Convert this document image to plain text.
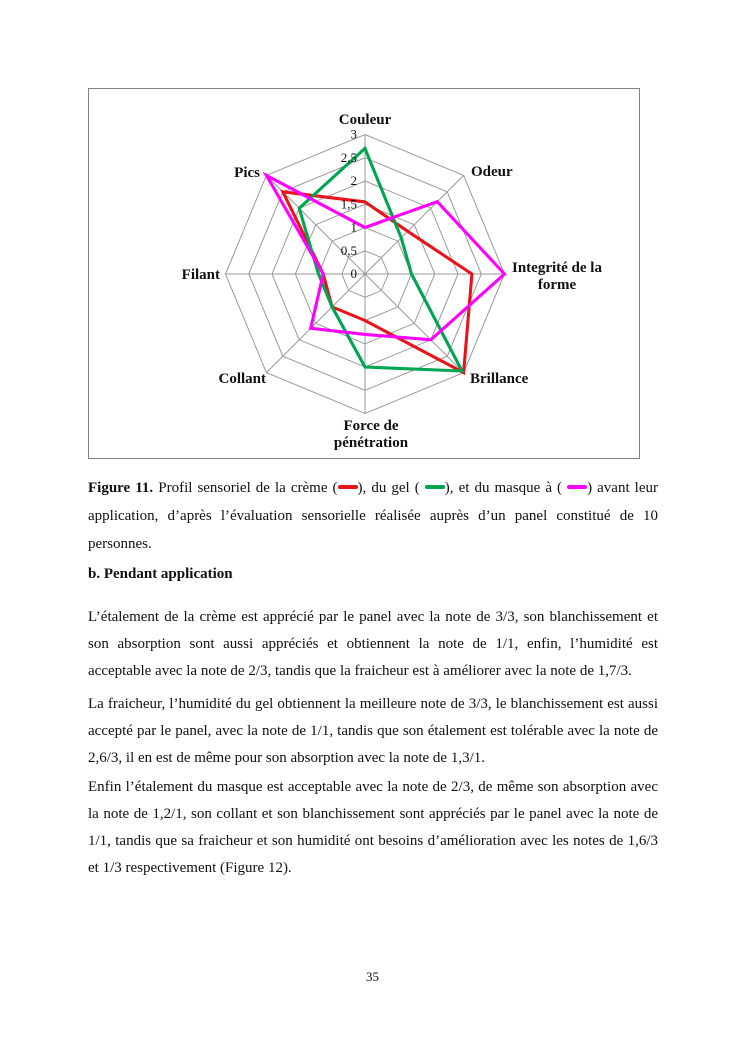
3
2,5
2
1,5
1
0,5
0
Couleur
Odeur
Integrité de la
forme
Brillance
Force de
pénétration
Collant
Filant
Pics
Figure 11. Profil sensoriel de la crème ( ), du gel ( ), et du masque à ( ) avant leur application, d’après l’évaluation sensorielle réalisée auprès d’un panel constitué de 10 personnes.

b. Pendant application

L’étalement de la crème est apprécié par le panel avec la note de 3/3, son blanchissement et son absorption sont aussi appréciés et obtiennent la note de 1/1, enfin, l’humidité est acceptable avec la note de 2/3, tandis que la fraicheur est à améliorer avec la note de 1,7/3.

La fraicheur, l’humidité du gel obtiennent la meilleure note de 3/3, le blanchissement est aussi accepté par le panel, avec la note de 1/1, tandis que son étalement est tolérable avec la note de 2,6/3, il en est de même pour son absorption avec la note de 1,3/1.

Enfin l’étalement du masque est acceptable avec la note de 2/3, de même son absorption avec la note de 1,2/1, son collant et son blanchissement sont appréciés par le panel avec la note de 1/1, tandis que sa fraicheur et son humidité ont besoins d’amélioration avec les notes de 1,6/3 et 1/3 respectivement (Figure 12).

35
